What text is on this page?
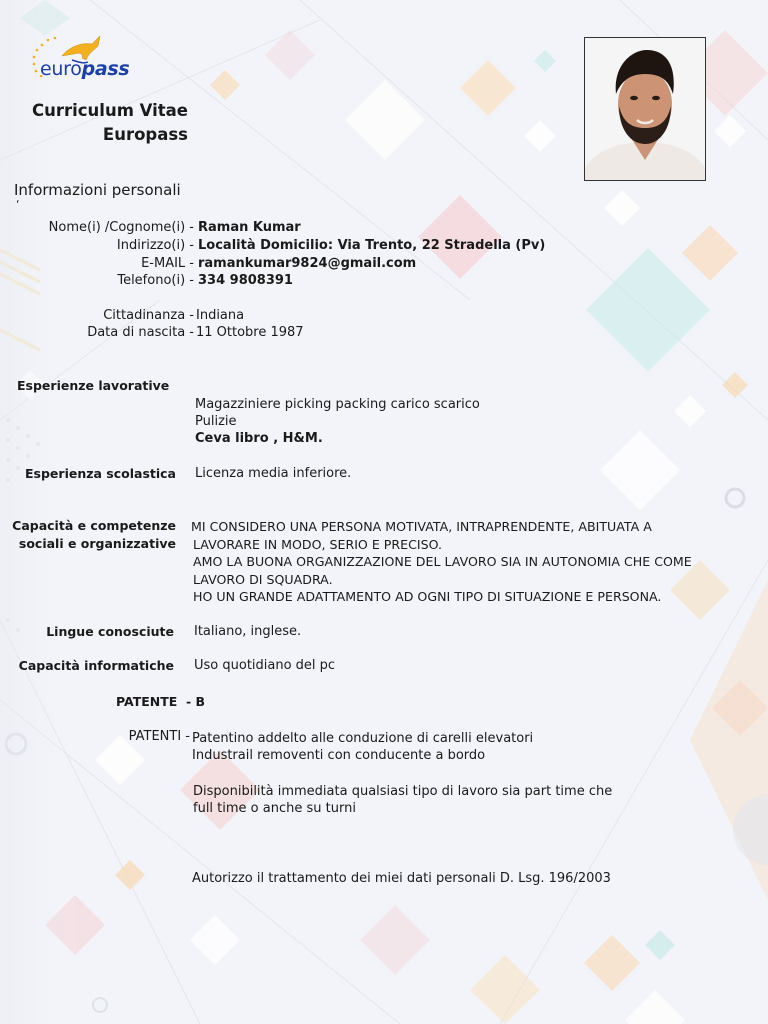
europass
Curriculum Vitae
Europass
Informazioni personali
‘
Nome(i) /Cognome(i) - Raman Kumar
Indirizzo(i) - Località Domicilio: Via Trento, 22 Stradella (Pv)
E-MAIL - ramankumar9824@gmail.com
Telefono(i) - 334 9808391
Cittadinanza - Indiana
Data di nascita - 11 Ottobre 1987
Esperienze lavorative
Magazziniere picking packing carico scarico
Pulizie
Ceva libro , H&M.
Esperienza scolastica Licenza media inferiore.
Capacità e competenze
sociali e organizzative
MI CONSIDERO UNA PERSONA MOTIVATA, INTRAPRENDENTE, ABITUATA A
LAVORARE IN MODO, SERIO E PRECISO.
AMO LA BUONA ORGANIZZAZIONE DEL LAVORO SIA IN AUTONOMIA CHE COME
LAVORO DI SQUADRA.
HO UN GRANDE ADATTAMENTO AD OGNI TIPO DI SITUAZIONE E PERSONA.
Lingue conosciute Italiano, inglese.
Capacità informatiche Uso quotidiano del pc
PATENTE  - B
PATENTI - Patentino addelto alle conduzione di carelli elevatori
Industrail removenti con conducente a bordo
Disponibilità immediata qualsiasi tipo di lavoro sia part time che
full time o anche su turni
Autorizzo il trattamento dei miei dati personali D. Lsg. 196/2003
